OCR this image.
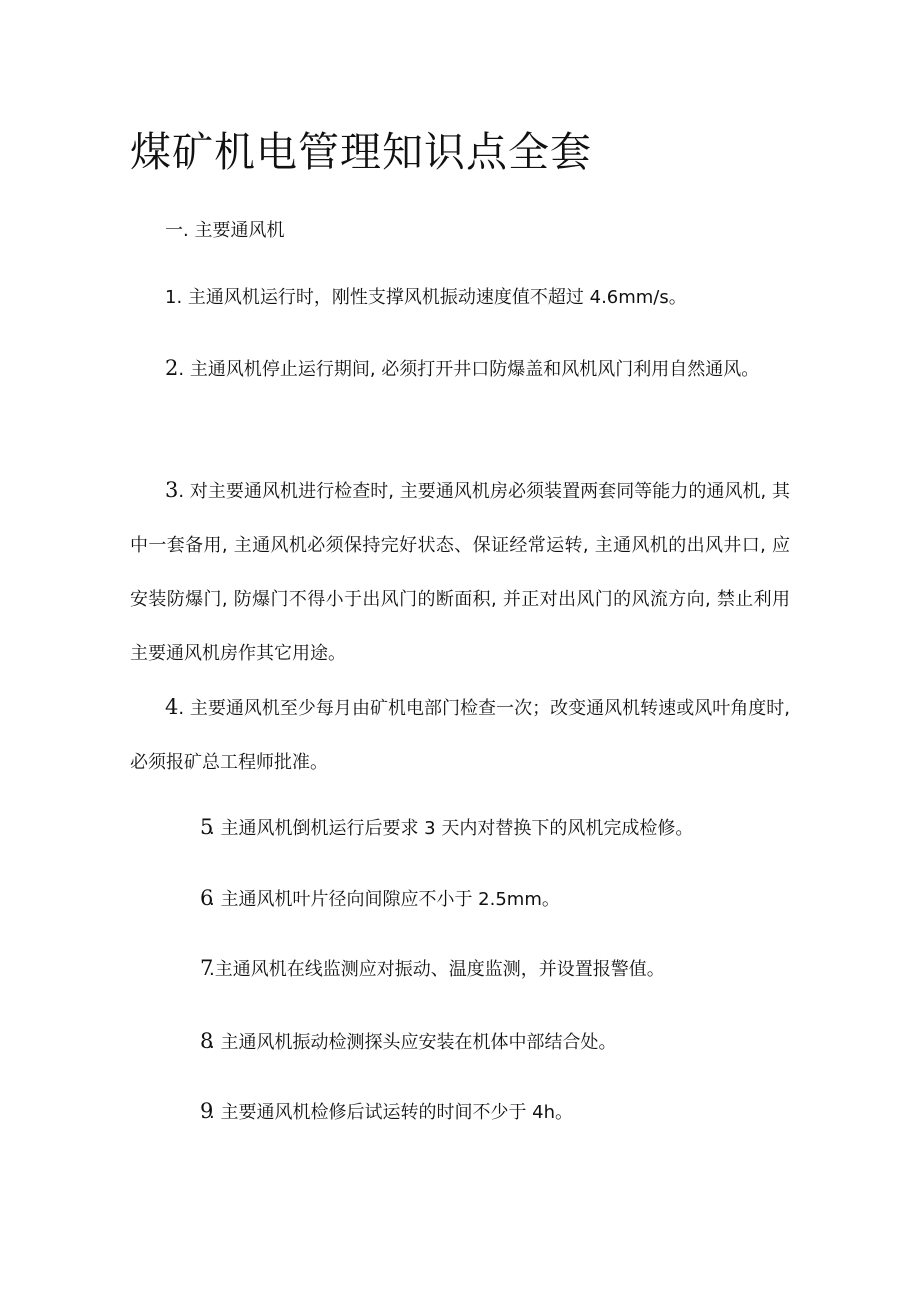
煤矿机电管理知识点全套

一. 主要通风机

1. 主通风机运行时，刚性支撑风机振动速度值不超过 4.6mm/s。

2. 主通风机停止运行期间, 必须打开井口防爆盖和风机风门利用自然通风。

3. 对主要通风机进行检查时, 主要通风机房必须装置两套同等能力的通风机, 其中一套备用, 主通风机必须保持完好状态、保证经常运转, 主通风机的出风井口, 应安装防爆门, 防爆门不得小于出风门的断面积, 并正对出风门的风流方向, 禁止利用主要通风机房作其它用途。

4. 主要通风机至少每月由矿机电部门检查一次；改变通风机转速或风叶角度时, 必须报矿总工程师批准。

5. 主通风机倒机运行后要求 3 天内对替换下的风机完成检修。

6. 主通风机叶片径向间隙应不小于 2.5mm。

7.主通风机在线监测应对振动、温度监测，并设置报警值。

8. 主通风机振动检测探头应安装在机体中部结合处。

9. 主要通风机检修后试运转的时间不少于 4h。
